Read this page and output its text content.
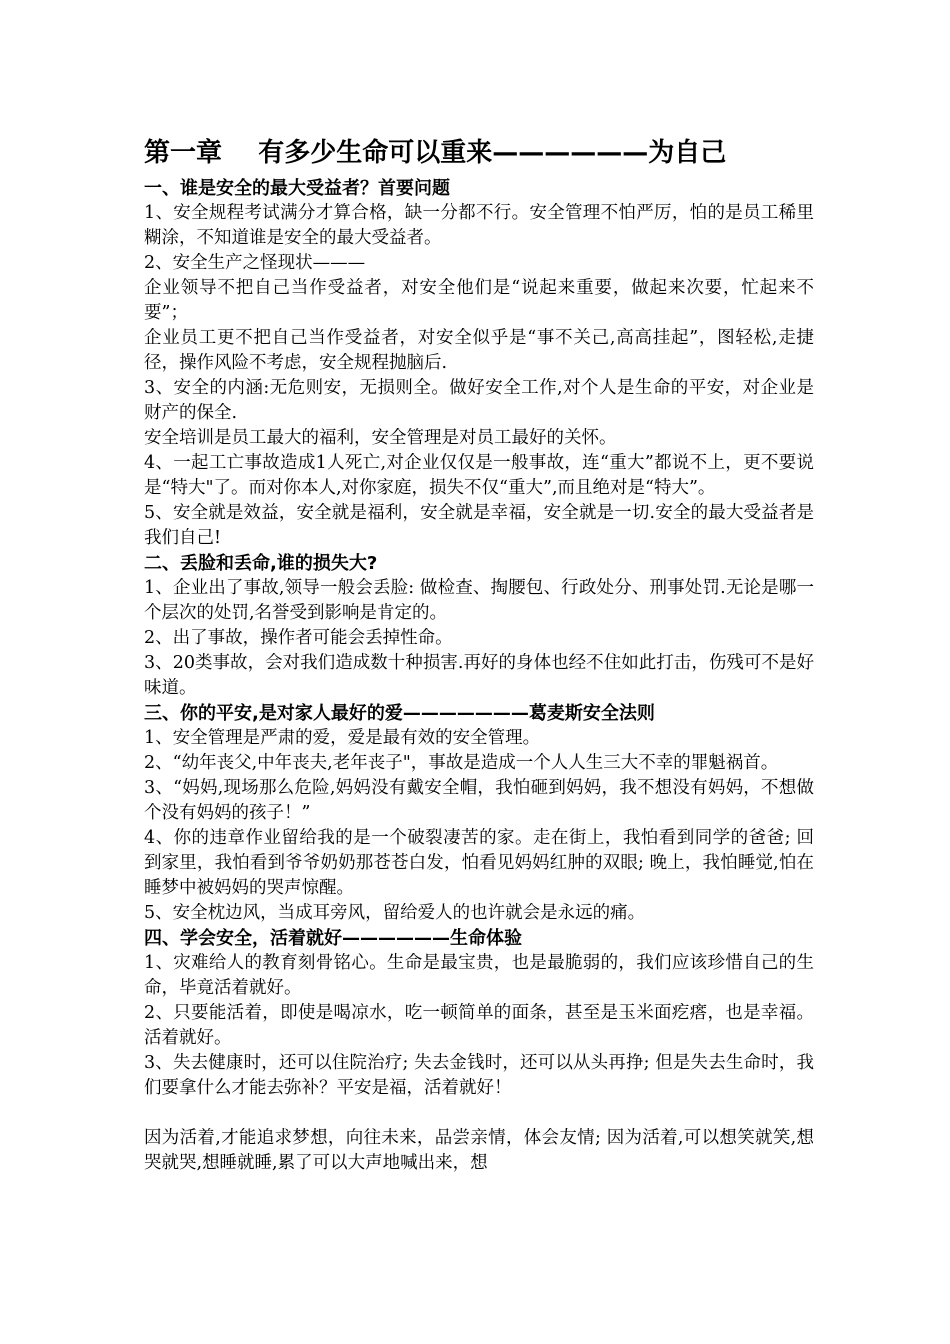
第一章    有多少生命可以重来——————为自己
一、谁是安全的最大受益者？首要问题

1、安全规程考试满分才算合格，缺一分都不行。安全管理不怕严厉，怕的是员工稀里糊涂，不知道谁是安全的最大受益者。

2、安全生产之怪现状———

企业领导不把自己当作受益者，对安全他们是“说起来重要，做起来次要，忙起来不要”；

企业员工更不把自己当作受益者，对安全似乎是“事不关己,高高挂起”，图轻松,走捷径，操作风险不考虑，安全规程抛脑后.

3、安全的内涵:无危则安，无损则全。做好安全工作,对个人是生命的平安，对企业是财产的保全.

安全培训是员工最大的福利，安全管理是对员工最好的关怀。

4、一起工亡事故造成1人死亡,对企业仅仅是一般事故，连“重大”都说不上，更不要说是“特大"了。而对你本人,对你家庭，损失不仅“重大”,而且绝对是“特大”。

5、安全就是效益，安全就是福利，安全就是幸福，安全就是一切.安全的最大受益者是我们自己!

二、丢脸和丢命,谁的损失大?

1、企业出了事故,领导一般会丢脸: 做检查、掏腰包、行政处分、刑事处罚.无论是哪一个层次的处罚,名誉受到影响是肯定的。

2、出了事故，操作者可能会丢掉性命。

3、20类事故，会对我们造成数十种损害.再好的身体也经不住如此打击，伤残可不是好味道。

三、你的平安,是对家人最好的爱———————葛麦斯安全法则

1、安全管理是严肃的爱，爱是最有效的安全管理。

2、“幼年丧父,中年丧夫,老年丧子"，事故是造成一个人人生三大不幸的罪魁祸首。

3、“妈妈,现场那么危险,妈妈没有戴安全帽，我怕砸到妈妈，我不想没有妈妈，不想做个没有妈妈的孩子！”

4、你的违章作业留给我的是一个破裂凄苦的家。走在街上，我怕看到同学的爸爸; 回到家里，我怕看到爷爷奶奶那苍苍白发，怕看见妈妈红肿的双眼; 晚上，我怕睡觉,怕在睡梦中被妈妈的哭声惊醒。

5、安全枕边风，当成耳旁风，留给爱人的也许就会是永远的痛。

四、学会安全，活着就好——————生命体验

1、灾难给人的教育刻骨铭心。生命是最宝贵，也是最脆弱的，我们应该珍惜自己的生命，毕竟活着就好。

2、只要能活着，即使是喝凉水，吃一顿简单的面条，甚至是玉米面疙瘩，也是幸福。活着就好。

3、失去健康时，还可以住院治疗; 失去金钱时，还可以从头再挣; 但是失去生命时，我们要拿什么才能去弥补？平安是福，活着就好！

因为活着,才能追求梦想，向往未来，品尝亲情，体会友情; 因为活着,可以想笑就笑,想哭就哭,想睡就睡,累了可以大声地喊出来，想
